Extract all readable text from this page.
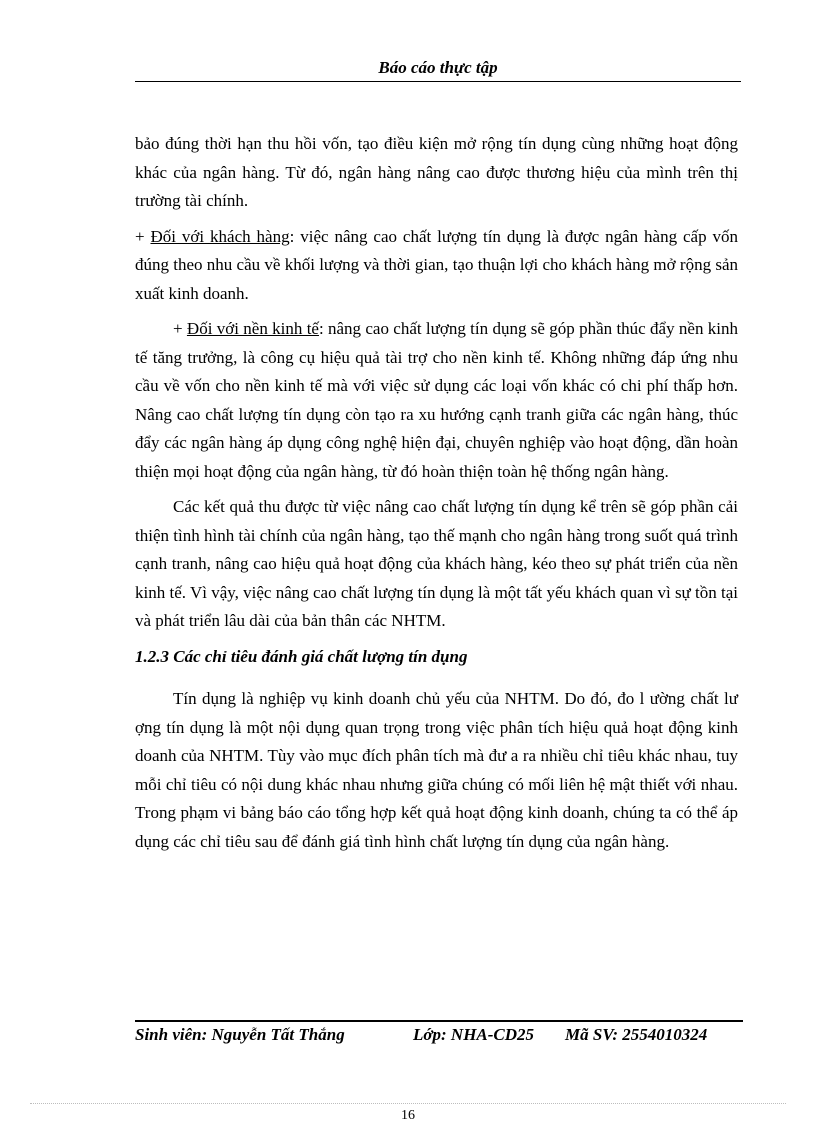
Báo cáo thực tập

bảo đúng thời hạn thu hồi vốn, tạo điều kiện mở rộng tín dụng cùng những hoạt động khác của ngân hàng. Từ đó, ngân hàng nâng cao được thương hiệu của mình trên thị trường tài chính.

+ Đối với khách hàng: việc nâng cao chất lượng tín dụng là được ngân hàng cấp vốn đúng theo nhu cầu về khối lượng và thời gian, tạo thuận lợi cho khách hàng mở rộng sản xuất kinh doanh.

+ Đối với nền kinh tế: nâng cao chất lượng tín dụng sẽ góp phần thúc đẩy nền kinh tế tăng trưởng, là công cụ hiệu quả tài trợ cho nền kinh tế. Không những đáp ứng nhu cầu về vốn cho nền kinh tế mà với việc sử dụng các loại vốn khác có chi phí thấp hơn. Nâng cao chất lượng tín dụng còn tạo ra xu hướng cạnh tranh giữa các ngân hàng, thúc đẩy các ngân hàng áp dụng công nghệ hiện đại, chuyên nghiệp vào hoạt động, dần hoàn thiện mọi hoạt động của ngân hàng, từ đó hoàn thiện toàn hệ thống ngân hàng.

Các kết quả thu được từ việc nâng cao chất lượng tín dụng kể trên sẽ góp phần cải thiện tình hình tài chính của ngân hàng, tạo thế mạnh cho ngân hàng trong suốt quá trình cạnh tranh, nâng cao hiệu quả hoạt động của khách hàng, kéo theo sự phát triển của nền kinh tế. Vì vậy, việc nâng cao chất lượng tín dụng là một tất yếu khách quan vì sự tồn tại và phát triển lâu dài của bản thân các NHTM.

1.2.3 Các chỉ tiêu đánh giá chất lượng tín dụng

Tín dụng là nghiệp vụ kinh doanh chủ yếu của NHTM. Do đó, đo l ường chất lư ợng tín dụng là một nội dụng quan trọng trong việc phân tích hiệu quả hoạt động kinh doanh của NHTM. Tùy vào mục đích phân tích mà đư a ra nhiều chỉ tiêu khác nhau, tuy mỗi chỉ tiêu có nội dung khác nhau nhưng giữa chúng có mối liên hệ mật thiết với nhau. Trong phạm vi bảng báo cáo tổng hợp kết quả hoạt động kinh doanh, chúng ta có thể áp dụng các chỉ tiêu sau để đánh giá tình hình chất lượng tín dụng của ngân hàng.

Sinh viên: Nguyễn Tất Thắng	Lớp: NHA-CD25 Mã SV: 2554010324
16
